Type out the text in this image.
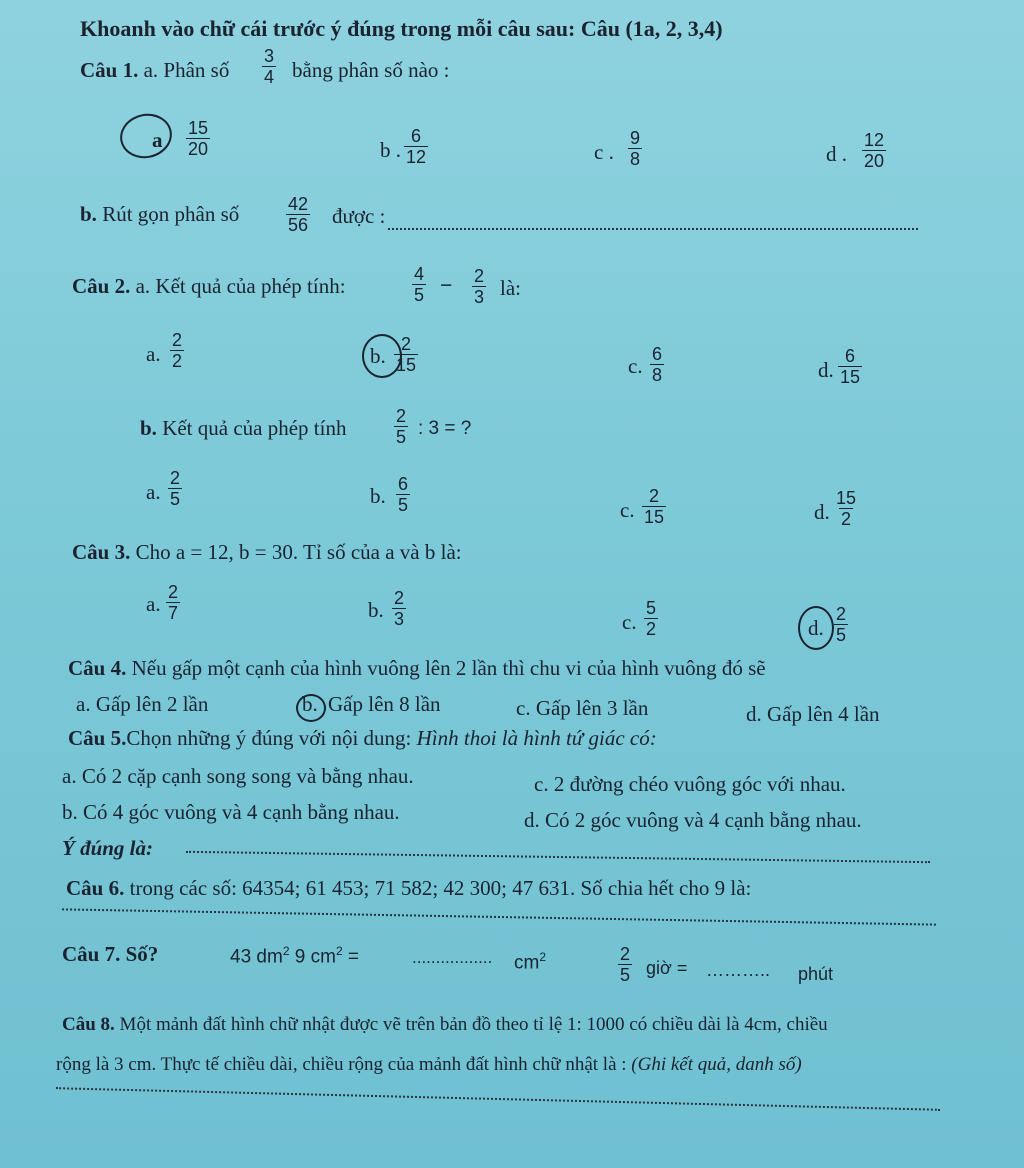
Khoanh vào chữ cái trước ý đúng trong mỗi câu sau: Câu (1a, 2, 3,4)
Câu 1. a. Phân số $\frac{3}{4}$ bằng phân số nào :
a $\frac{15}{20}$	b . $\frac{6}{12}$	c . $\frac{9}{8}$	d . $\frac{12}{20}$
b. Rút gọn phân số	$\frac{42}{56}$ được :
Câu 2. a. Kết quả của phép tính:	$\frac{4}{5} - \frac{2}{3}$ là:
a. $\frac{2}{2}$	b. $\frac{2}{15}$	c. $\frac{6}{8}$	d. $\frac{6}{15}$
b. Kết quả của phép tính	$\frac{2}{5}$ : 3 = ?
a. $\frac{2}{5}$	b. $\frac{6}{5}$	c. $\frac{2}{15}$	d. $\frac{15}{2}$
Câu 3. Cho a = 12, b = 30. Tỉ số của a và b là:
a. $\frac{2}{7}$	b. $\frac{2}{3}$	c. $\frac{5}{2}$	d. $\frac{2}{5}$
Câu 4. Nếu gấp một cạnh của hình vuông lên 2 lần thì chu vi của hình vuông đó sẽ
a. Gấp lên 2 lần	b. Gấp lên 8 lần	c. Gấp lên 3 lần	d. Gấp lên 4 lần
Câu 5.Chọn những ý đúng với nội dung: Hình thoi là hình tứ giác có:
a. Có 2 cặp cạnh song song và bằng nhau.	c. 2 đường chéo vuông góc với nhau.
b. Có 4 góc vuông và 4 cạnh bằng nhau.	d. Có 2 góc vuông và 4 cạnh bằng nhau.
Ý đúng là:
Câu 6. trong các số: 64354; 61 453; 71 582; 42 300; 47 631. Số chia hết cho 9 là:
Câu 7. Số?	43 $dm^2$ 9 $cm^2$ =	................. $cm^2$	$\frac{2}{5}$ giờ = ……….. phút
Câu 8. Một mảnh đất hình chữ nhật được vẽ trên bản đồ theo tỉ lệ 1: 1000 có chiều dài là 4cm, chiều
rộng là 3 cm. Thực tế chiều dài, chiều rộng của mảnh đất hình chữ nhật là : (Ghi kết quả, danh số)
